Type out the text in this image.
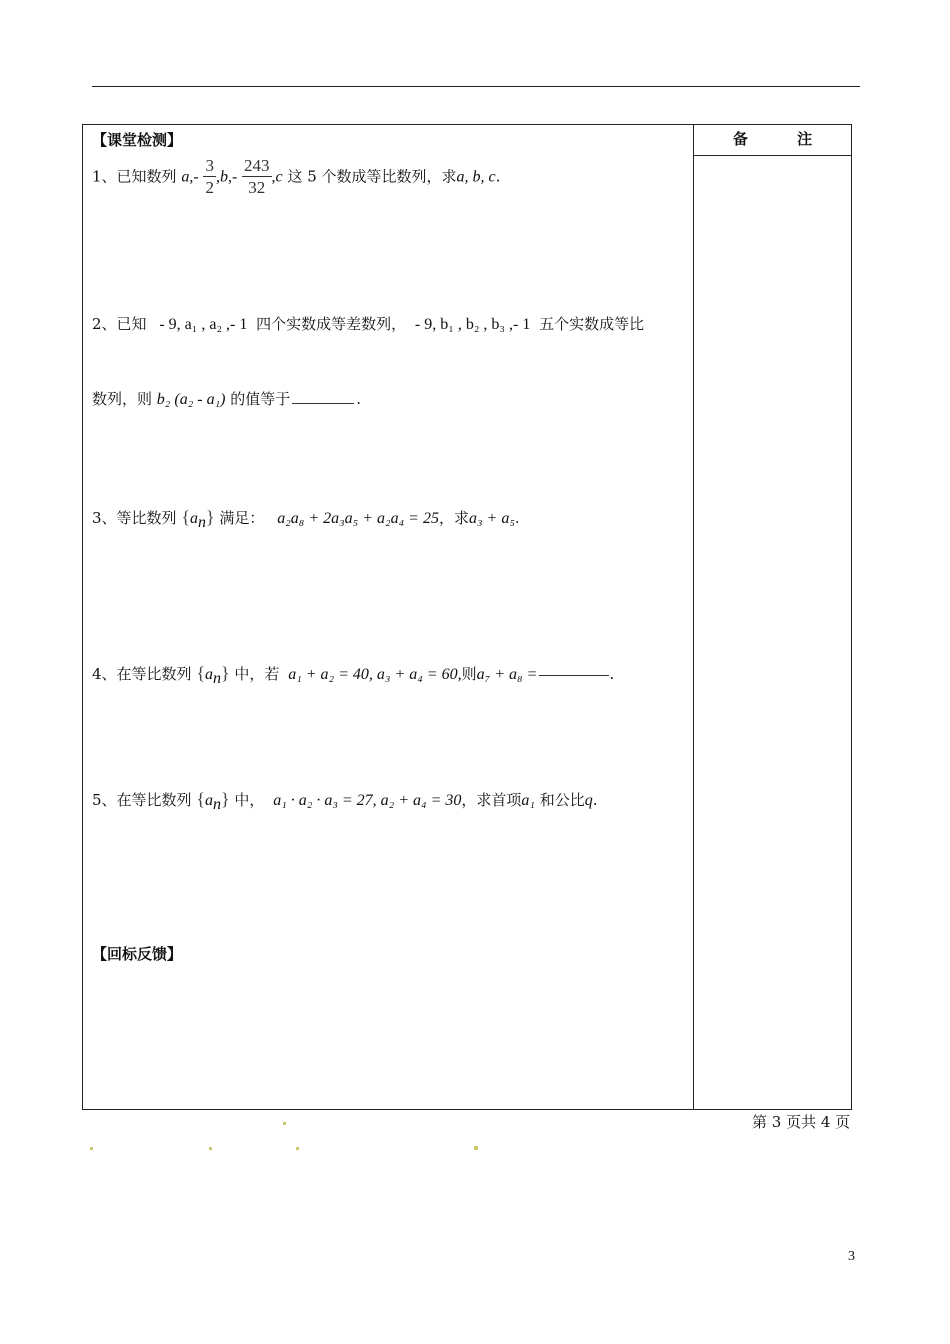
备 注
【课堂检测】
1、已知数列 $a,- \frac{3}{2} ,b,- \frac{243}{32} ,c$ 这 5 个数成等比数列，求a, b, c.
2、已知 - 9, a₁ , a₂ ,- 1 四个实数成等差数列， - 9, b₁ , b₂ , b₃ ,- 1 五个实数成等比
数列，则 b₂ (a₂ - a₁) 的值等于	.
3、等比数列 $\{a_n\}$ 满足： a₂a₈ + 2a₃a₅ + a₂a₄ = 25，求a₃ + a₅.
4、在等比数列 $\{a_n\}$ 中，若 a₁ + a₂ = 40, a₃ + a₄ = 60,则a₇ + a₈ =	.
5、在等比数列 $\{a_n\}$ 中， a₁ · a₂ · a₃ = 27, a₂ + a₄ = 30，求首项a₁ 和公比q.
【回标反馈】
第 3 页共 4 页
3
